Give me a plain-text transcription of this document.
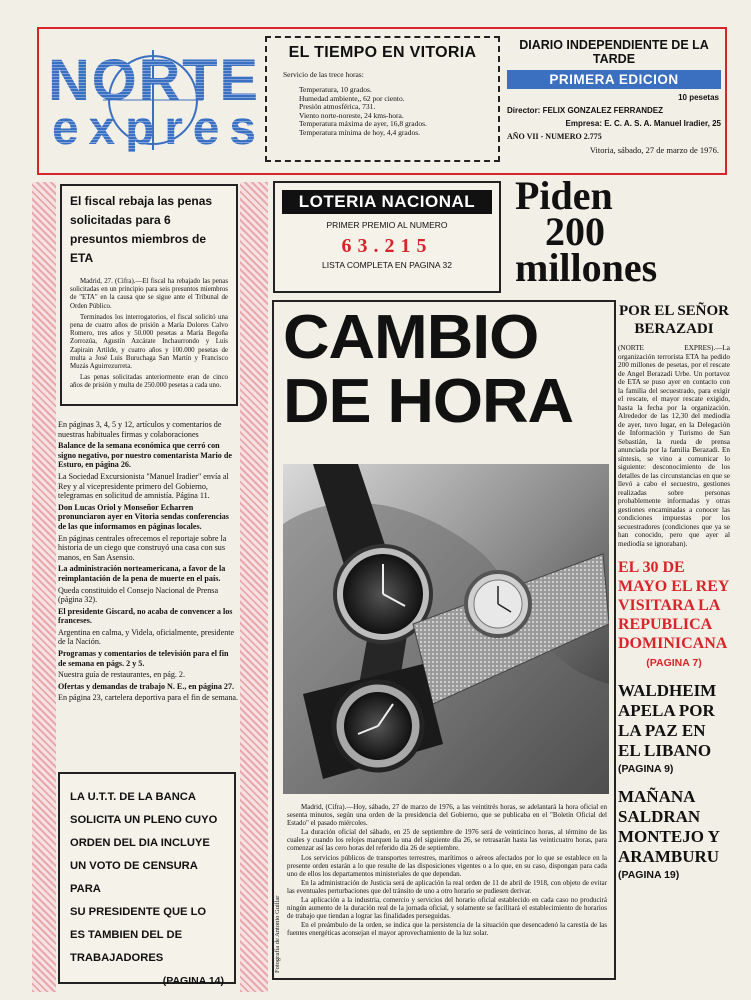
NORTE
expres
EL TIEMPO EN VITORIA
Servicio de las trece horas:
Temperatura, 10 grados.
Humedad ambiente,, 62 por ciento.
Presión atmosférica, 731.
Viento norte-noreste, 24 kms-hora.
Temperatura máxima de ayer, 16,8 grados.
Temperatura mínima de hoy, 4,4 grados.
DIARIO INDEPENDIENTE DE LA TARDE
PRIMERA EDICION
10 pesetas
Director: FELIX GONZALEZ FERRANDEZ
Empresa: E. C. A. S. A. Manuel Iradier, 25
AÑO VII - NUMERO 2.775
Vitoria, sábado, 27 de marzo de 1976.
El fiscal rebaja las penas solicitadas para 6 presuntos miembros de ETA

Madrid, 27. (Cifra).—El fiscal ha rebajado las penas solicitadas en un principio para seis presuntos miembros de "ETA" en la causa que se sigue ante el Tribunal de Orden Público.

Terminados los interrogatorios, el fiscal solicitó una pena de cuatro años de prisión a María Dolores Calvo Romero, tres años y 50.000 pesetas a María Begoña Zorrozúa, Agustín Azcárate Inchaurrondo y Luis Zapirain Artilde, y cuatro años y 100.000 pesetas de multa a José Luis Buruchaga San Martín y Francisco Muzás Aguirrezurreta.

Las penas solicitadas anteriormente eran de cinco años de prisión y multa de 250.000 pesetas a cada uno.

En páginas 3, 4, 5 y 12, artículos y comentarios de nuestras habituales firmas y colaboraciones

Balance de la semana económica que cerró con signo negativo, por nuestro comentarista Mario de Esturo, en página 26.

La Sociedad Excursionista "Manuel Iradier" envía al Rey y al vicepresidente primero del Gobierno, telegramas en solicitud de amnistía. Página 11.

Don Lucas Oriol y Monseñor Echarren pronunciaron ayer en Vitoria sendas conferencias de las que informamos en páginas locales.

En páginas centrales ofrecemos el reportaje sobre la historia de un ciego que construyó una casa con sus manos, en San Asensio.

La administración norteamericana, a favor de la reimplantación de la pena de muerte en el país.

Queda constituido el Consejo Nacional de Prensa (página 32).

El presidente Giscard, no acaba de convencer a los franceses.

Argentina en calma, y Videla, oficialmente, presidente de la Nación.

Programas y comentarios de televisión para el fin de semana en págs. 2 y 5.

Nuestra guía de restaurantes, en pág. 2.

Ofertas y demandas de trabajo N. E., en página 27.

En página 23, cartelera deportiva para el fin de semana.

LA U.T.T. DE LA BANCA
SOLICITA UN PLENO CUYO
ORDEN DEL DIA INCLUYE
UN VOTO DE CENSURA PARA
SU PRESIDENTE QUE LO
ES TAMBIEN DEL DE
TRABAJADORES
(PAGINA 14)
LOTERIA NACIONAL
PRIMER PREMIO AL NUMERO
63.215
LISTA COMPLETA EN PAGINA 32
Piden
200
millones
CAMBIO
DE HORA
Fotografía de Antonio Guillar

Madrid, (Cifra).—Hoy, sábado, 27 de marzo de 1976, a las veintitrés horas, se adelantará la hora oficial en sesenta minutos, según una orden de la presidencia del Gobierno, que se publicaba en el "Boletín Oficial del Estado" el pasado miércoles.

La duración oficial del sábado, en 25 de septiembre de 1976 será de veinticinco horas, al término de las cuales y cuando los relojes marquen la una del siguiente día 26, se retrasarán hasta las veinticuatro horas, para comenzar así las cero horas del referido día 26 de septiembre.

Los servicios públicos de transportes terrestres, marítimos o aéreos afectados por lo que se establece en la presente orden estarán a lo que resulte de las disposiciones vigentes o a lo que, en su caso, dispongan para cada uno de ellos los departamentos ministeriales de que dependan.

En la administración de Justicia será de aplicación la real orden de 11 de abril de 1918, con objeto de evitar las eventuales perturbaciones que del tránsito de uno a otro horario se pudiesen derivar.

La aplicación a la industria, comercio y servicios del horario oficial establecido en cada caso no producirá ningún aumento de la duración real de la jornada oficial, y solamente se facilitará el establecimiento de horarios de trabajo que tiendan a lograr las finalidades perseguidas.

En el preámbulo de la orden, se indica que la persistencia de la situación que desencadenó la carestía de las fuentes energéticas aconsejan el mayor aprovechamiento de la luz solar.

POR EL SEÑOR BERAZADI
(NORTE EXPRES).—La organización terrorista ETA ha pedido 200 millones de pesetas, por el rescate de Angel Berazadi Urbe. Un portavoz de ETA se puso ayer en contacto con la familia del secuestrado, para exigir el rescate, el mayor rescate exigido, hasta la fecha por la organización. Alrededor de las 12,30 del mediodía de ayer, tuvo lugar, en la Delegación de Información y Turismo de San Sebastián, la rueda de prensa anunciada por la familia Berazadi. En síntesis, se vino a comunicar lo siguiente: desconocimiento de los detalles de las circunstancias en que se llevó a cabo el secuestro, gestiones realizadas sobre personas probablemente informadas y otras gestiones encaminadas a conocer las condiciones impuestas por los secuestradores (condiciones que ya se han conocido, pero que ayer al mediodía se ignoraban).
EL 30 DE MAYO EL REY VISITARA LA REPUBLICA DOMINICANA
(PAGINA 7)
WALDHEIM APELA POR LA PAZ EN EL LIBANO
(PAGINA 9)
MAÑANA SALDRAN MONTEJO Y ARAMBURU
(PAGINA 19)
